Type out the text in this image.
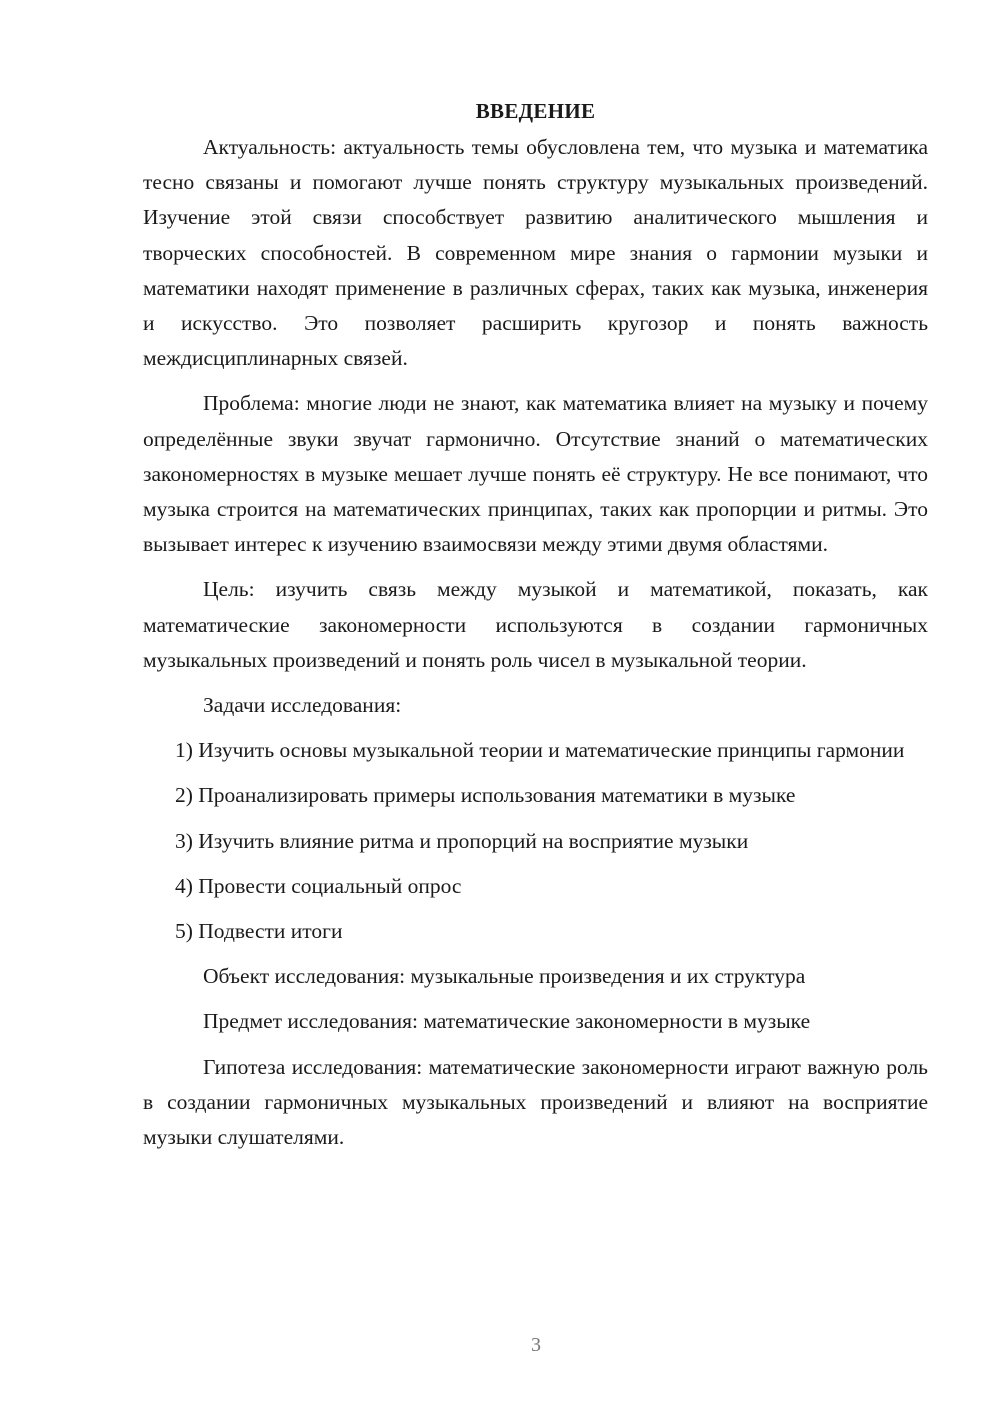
ВВЕДЕНИЕ

Актуальность: актуальность темы обусловлена тем, что музыка и математика тесно связаны и помогают лучше понять структуру музыкальных произведений. Изучение этой связи способствует развитию аналитического мышления и творческих способностей. В современном мире знания о гармонии музыки и математики находят применение в различных сферах, таких как музыка, инженерия и искусство. Это позволяет расширить кругозор и понять важность междисциплинарных связей.

Проблема: многие люди не знают, как математика влияет на музыку и почему определённые звуки звучат гармонично. Отсутствие знаний о математических закономерностях в музыке мешает лучше понять её структуру. Не все понимают, что музыка строится на математических принципах, таких как пропорции и ритмы. Это вызывает интерес к изучению взаимосвязи между этими двумя областями.

Цель: изучить связь между музыкой и математикой, показать, как математические закономерности используются в создании гармоничных музыкальных произведений и понять роль чисел в музыкальной теории.

Задачи исследования:

1) Изучить основы музыкальной теории и математические принципы гармонии

2) Проанализировать примеры использования математики в музыке

3) Изучить влияние ритма и пропорций на восприятие музыки

4) Провести социальный опрос

5) Подвести итоги

Объект исследования: музыкальные произведения и их структура

Предмет исследования: математические закономерности в музыке

Гипотеза исследования: математические закономерности играют важную роль в создании гармоничных музыкальных произведений и влияют на восприятие музыки слушателями.

3
